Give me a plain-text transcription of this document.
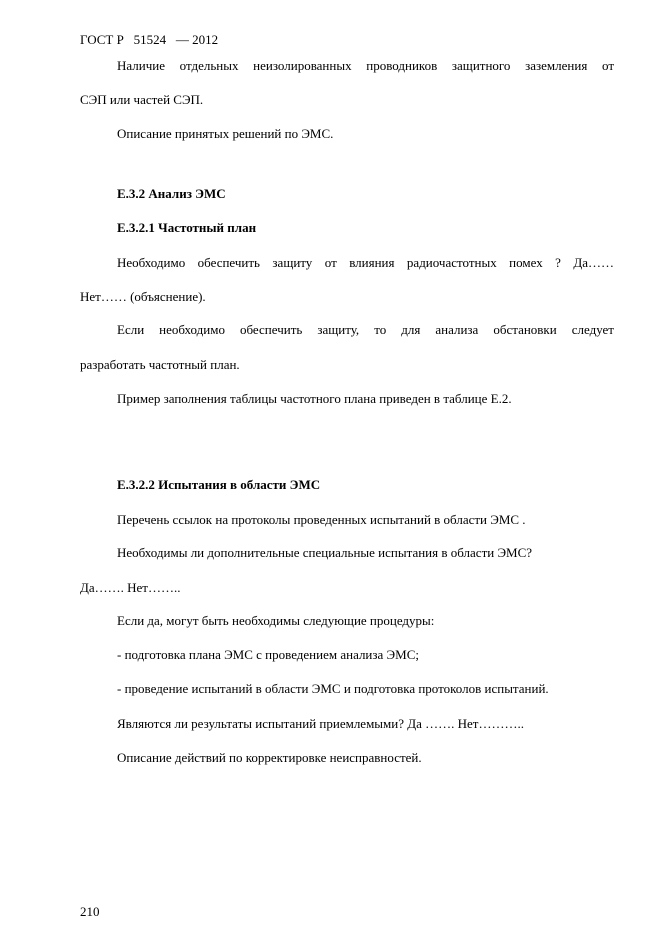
ГОСТ Р   51524   — 2012
Наличие отдельных неизолированных проводников защитного заземления от
СЭП или частей СЭП.
Описание принятых решений по ЭМС.
Е.3.2 Анализ ЭМС
Е.3.2.1 Частотный план
Необходимо обеспечить защиту от влияния радиочастотных помех ? Да……
Нет…… (объяснение).
Если необходимо обеспечить защиту, то для анализа обстановки следует
разработать частотный план.
Пример заполнения таблицы частотного плана приведен в таблице Е.2.
Е.3.2.2 Испытания в области ЭМС
Перечень ссылок на протоколы проведенных испытаний в области ЭМС .
Необходимы ли дополнительные специальные испытания в области ЭМС?
Да……. Нет……..
Если да, могут быть необходимы следующие процедуры:
- подготовка плана ЭМС с проведением анализа ЭМС;
- проведение испытаний в области ЭМС и подготовка протоколов испытаний.
Являются ли результаты испытаний приемлемыми? Да ……. Нет………..
Описание действий по корректировке неисправностей.
210
